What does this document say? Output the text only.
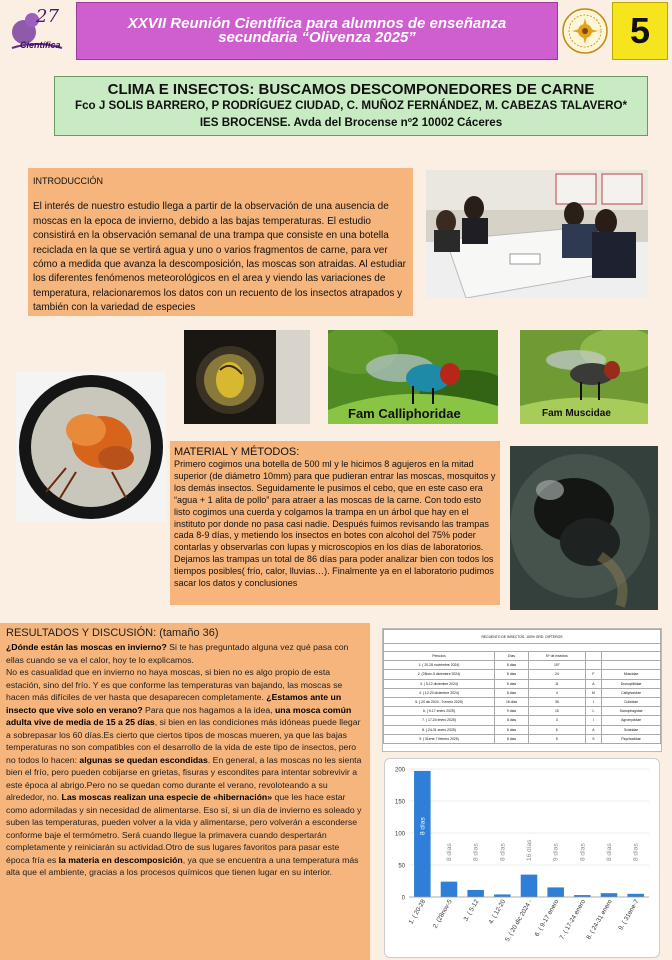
27
Científica
XXVII Reunión Científica para alumnos de enseñanza
secundaria “Olivenza 2025”	5
CLIMA E INSECTOS: BUSCAMOS DESCOMPONEDORES DE CARNE
Fco J SOLIS BARRERO, P RODRÍGUEZ CIUDAD, C. MUÑOZ FERNÁNDEZ, M. CABEZAS TALAVERO*
IES BROCENSE. Avda del Brocense nº2 10002 Cáceres
INTRODUCCIÓN

El interés de nuestro estudio llega a partir de la observación de una ausencia de moscas en la epoca de invierno, debido a las bajas temperaturas. El estudio consistirá en la observación semanal de una trampa que consiste en una botella reciclada en la que se vertirá agua y uno o varios fragmentos de carne, para ver cómo a medida que avanza la descomposición, las moscas son atraidas. Al estudiar los diferentes fenómenos meteorológicos en el area y viendo las variaciones de temperatura, relacionaremos los datos con un recuento de los insectos atrapados y también con la variedad de especies

Fam Calliphoridae	Fam Muscidae
MATERIAL Y MÉTODOS:

Primero cogimos una botella de 500 ml y le hicimos 8 agujeros en la mitad superior (de diámetro 10mm) para que pudieran entrar las moscas, mosquitos y los demás insectos. Seguidamente le pusimos el cebo, que en este caso era “agua + 1 alita de pollo” para atraer a las moscas de la carne. Con todo esto listo cogimos una cuerda y colgamos la trampa en un árbol que hay en el instituto por donde no pasa casi nadie. Después fuimos revisando las trampas cada 8-9 días, y metiendo los insectos en botes con alcohol del 75% poder contarlas y observarlas con lupas y microscopios en los días de laboratorios. Dejamos las trampas un total de 86 días para poder analizar bien con todos los tiempos posibles( frío, calor, lluvias…). Finalmente ya en el laboratorio pudimos sacar los datos y conclusiones

RESULTADOS Y DISCUSIÓN: (tamaño 36)

¿Dónde están las moscas en invierno? Si te has preguntado alguna vez qué pasa con ellas cuando se va el calor, hoy te lo explicamos.

No es casualidad que en invierno no haya moscas, si bien no es algo propio de esta estación, sino del frío. Y es que conforme las temperaturas van bajando, las moscas se hacen más difíciles de ver hasta que desaparecen completamente. ¿Estamos ante un insecto que vive solo en verano? Para que nos hagamos a la idea, una mosca común adulta vive de media de 15 a 25 días, si bien en las condiciones más idóneas puede llegar a sobrepasar los 60 días.Es cierto que ciertos tipos de moscas mueren, ya que las bajas temperaturas no son compatibles con el desarrollo de la vida de este tipo de insectos, pero no todos lo hacen: algunas se quedan escondidas. En general, a las moscas no les sienta bien el frío, pero pueden cobijarse en grietas, fisuras y escondites para intentar sobrevivir a este época al abrigo.Pero no se quedan como durante el verano, revoloteando a su alrededor, no. Las moscas realizan una especie de «hibernación» que les hace estar como adormiladas y sin necesidad de alimentarse. Eso sí, si un día de invierno es soleado y suben las temperaturas, pueden volver a la vida y alimentarse, pero volverán a esconderse conforme baje el termómetro. Será cuando llegue la primavera cuando despertarán completamente y reiniciarán su actividad.Otro de sus lugares favoritos para pasar este época fría es la materia en descomposición, ya que se encuentra a una temperatura más alta que el ambiente, gracias a los procesos químicos que tienen lugar en su interior.

RECUENTO DE INSECTOS. 100% ORD. DIPTEROS				

Periodos	Días	Nº de insectos		
1. ( 20-28 noviembre 2024)	8 días	197		
2. (28nov-5 diciembre 2024)	8 días	24	F	Muscidae
3. ( 5-12 diciembre 2024)	8 días	11	A	Drosophilidae
4. ( 12-20 diciembre 2024)	8 días	4	M	Calliphoridae
5. ( 20 dic 2024 - 9 enero 2025)	16 días	35	I	Culicidae
6. ( 9-17 enero 2025)	9 días	15	L	Sarcophagidae
7. ( 17-24 enero 2025)	8 días	3	I	Agromyzidae
8. ( 24-31 enero 2025)	8 días	6	A	Sciaridae
9. ( 31ene-7 febrero 2025)	8 días	5	S	Psychodidae
0
50
100
150
200
8 días
1. ( 20-28
8 días
2. (28nov-5
8 días
3. ( 5-12
8 días
4. ( 12-20
16 días
5. ( 20 dic 2024 -
9 días
6. ( 9-17 enero
8 días
7. ( 17-24 enero
8 días
8. ( 24-31 enero
8 días
9. ( 31ene-7
